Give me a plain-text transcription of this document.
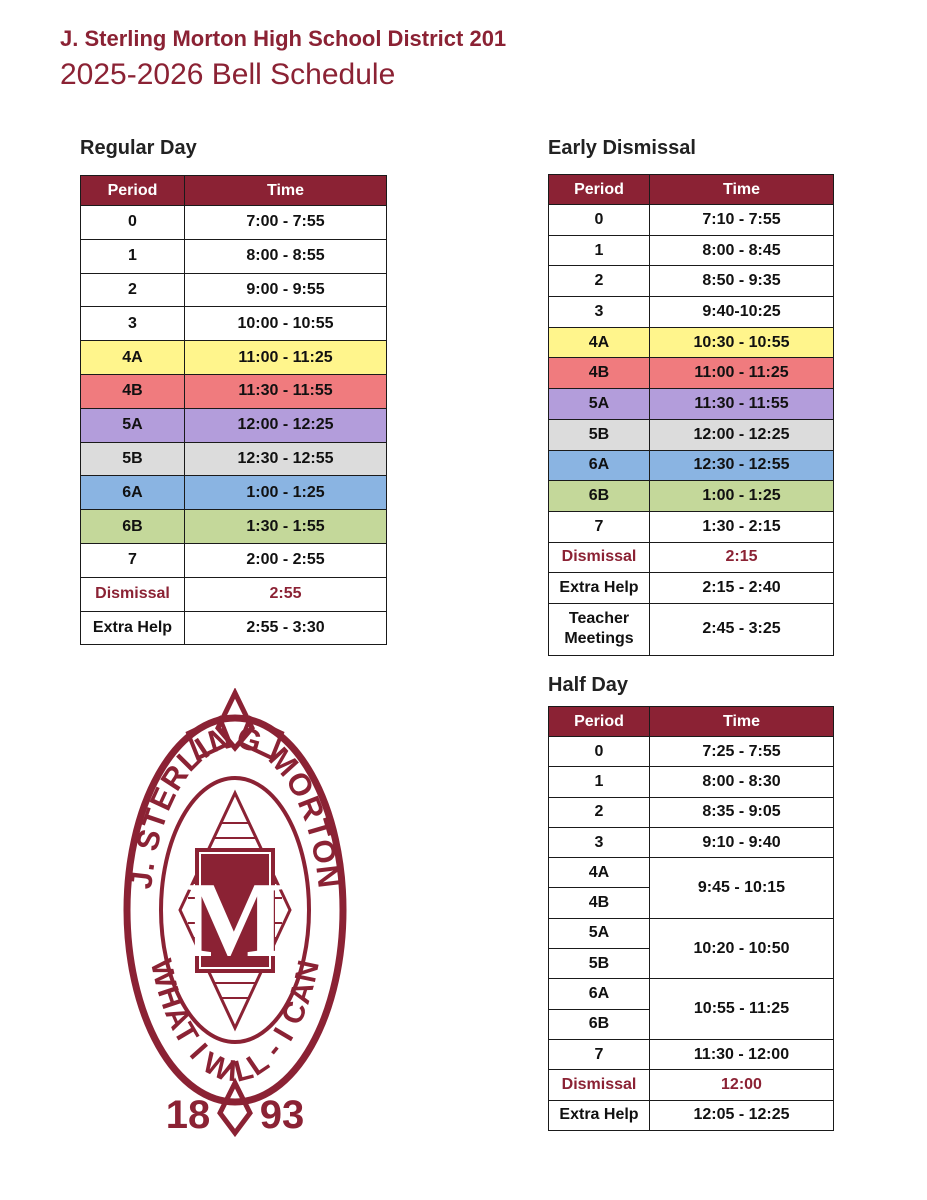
J. Sterling Morton High School District 201
2025-2026 Bell Schedule
Regular Day
Period	Time
0	7:00 - 7:55
1	8:00 - 8:55
2	9:00 - 9:55
3	10:00 - 10:55
4A	11:00 - 11:25
4B	11:30 - 11:55
5A	12:00 - 12:25
5B	12:30 - 12:55
6A	1:00 - 1:25
6B	1:30 - 1:55
7	2:00 - 2:55
Dismissal	2:55
Extra Help	2:55 - 3:30
Early Dismissal
Period	Time
0	7:10 - 7:55
1	8:00 - 8:45
2	8:50 - 9:35
3	9:40-10:25
4A	10:30 - 10:55
4B	11:00 - 11:25
5A	11:30 - 11:55
5B	12:00 - 12:25
6A	12:30 - 12:55
6B	1:00 - 1:25
7	1:30 - 2:15
Dismissal	2:15
Extra Help	2:15 - 2:40
Teacher
Meetings	2:45 - 3:25
Half Day
Period	Time
0	7:25 - 7:55
1	8:00 - 8:30
2	8:35 - 9:05
3	9:10 - 9:40
4A	9:45 - 10:15
4B	
5A	10:20 - 10:50
5B	
6A	10:55 - 11:25
6B	
7	11:30 - 12:00
Dismissal	12:00
Extra Help	12:05 - 12:25
J. STERLING MORTON
WHAT I WILL - I CAN
M
18 93
